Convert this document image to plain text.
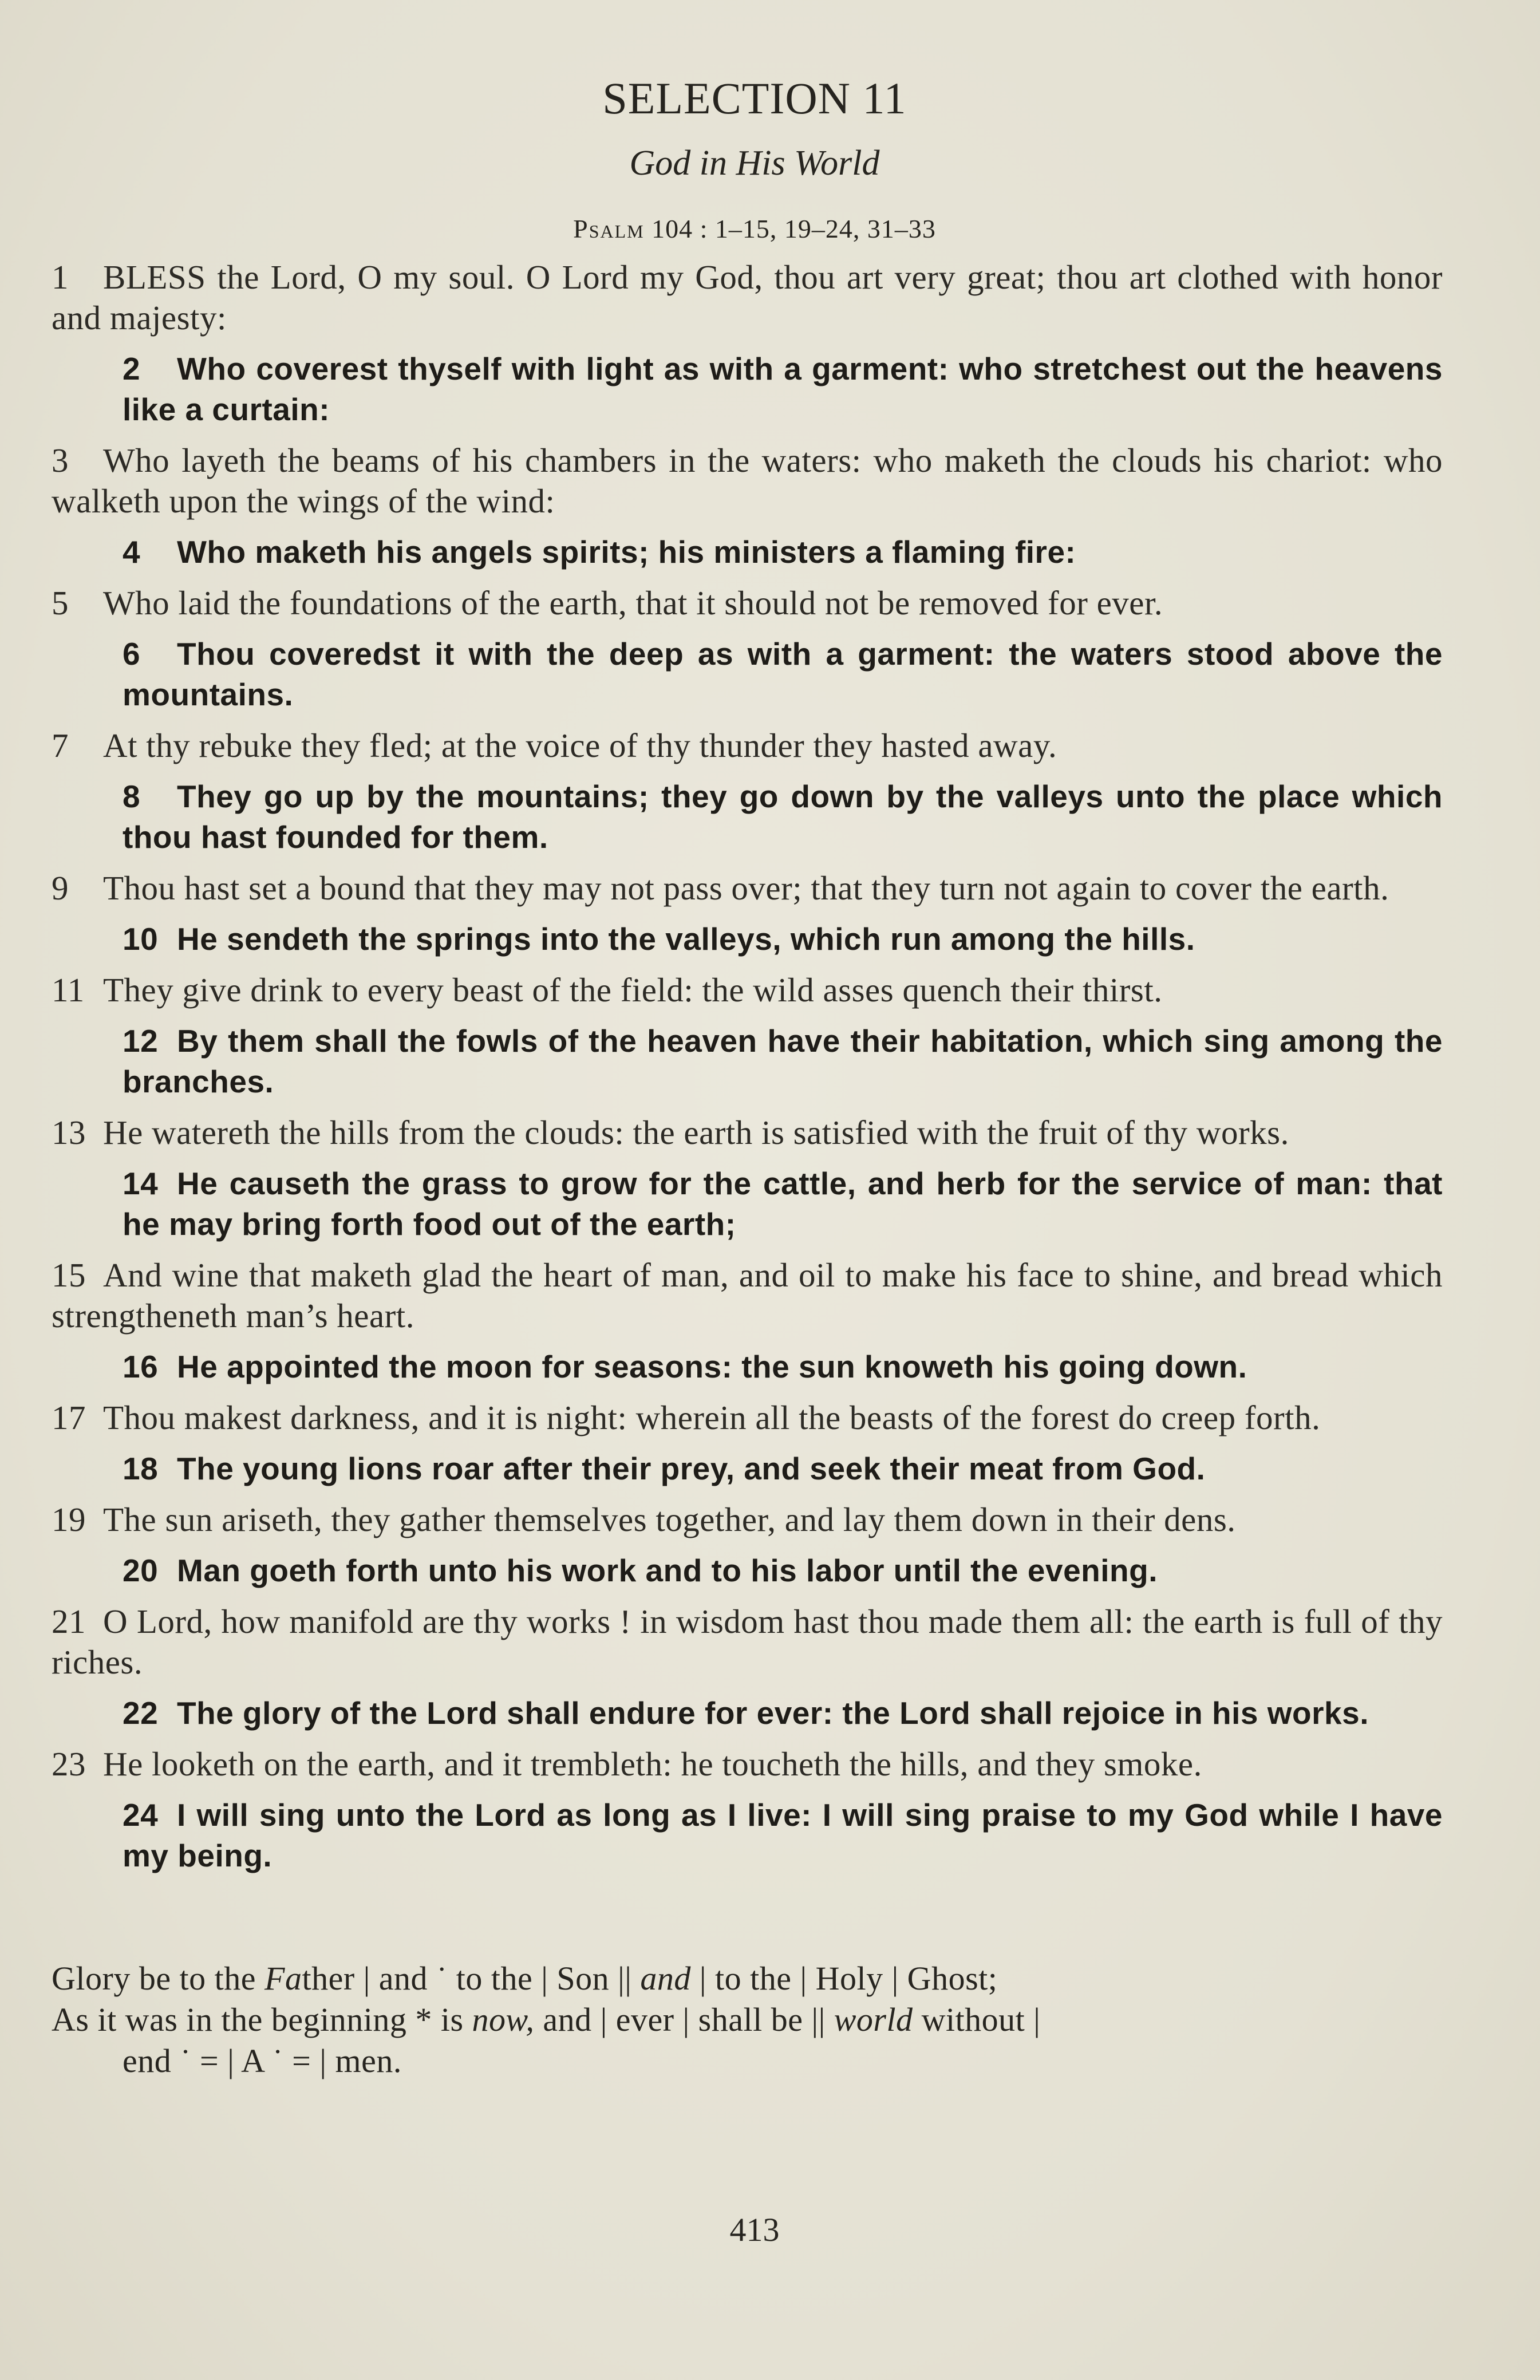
SELECTION 11
God in His World
Psalm 104 : 1–15, 19–24, 31–33

1 BLESS the Lord, O my soul. O Lord my God, thou art very great; thou art clothed with honor and majesty:

2 Who coverest thyself with light as with a garment: who stretchest out the heavens like a curtain:

3 Who layeth the beams of his chambers in the waters: who maketh the clouds his chariot: who walketh upon the wings of the wind:

4 Who maketh his angels spirits; his ministers a flaming fire:

5 Who laid the foundations of the earth, that it should not be removed for ever.

6 Thou coveredst it with the deep as with a garment: the waters stood above the mountains.

7 At thy rebuke they fled; at the voice of thy thunder they hasted away.

8 They go up by the mountains; they go down by the valleys unto the place which thou hast founded for them.

9 Thou hast set a bound that they may not pass over; that they turn not again to cover the earth.

10 He sendeth the springs into the valleys, which run among the hills.

11 They give drink to every beast of the field: the wild asses quench their thirst.

12 By them shall the fowls of the heaven have their habitation, which sing among the branches.

13 He watereth the hills from the clouds: the earth is satisfied with the fruit of thy works.

14 He causeth the grass to grow for the cattle, and herb for the service of man: that he may bring forth food out of the earth;

15 And wine that maketh glad the heart of man, and oil to make his face to shine, and bread which strengtheneth man’s heart.

16 He appointed the moon for seasons: the sun knoweth his going down.

17 Thou makest darkness, and it is night: wherein all the beasts of the forest do creep forth.

18 The young lions roar after their prey, and seek their meat from God.

19 The sun ariseth, they gather themselves together, and lay them down in their dens.

20 Man goeth forth unto his work and to his labor until the evening.

21 O Lord, how manifold are thy works ! in wisdom hast thou made them all: the earth is full of thy riches.

22 The glory of the Lord shall endure for ever: the Lord shall rejoice in his works.

23 He looketh on the earth, and it trembleth: he toucheth the hills, and they smoke.

24 I will sing unto the Lord as long as I live: I will sing praise to my God while I have my being.

Glory be to the Father | and ˙ to the | Son || and | to the | Holy | Ghost;

As it was in the beginning * is now, and | ever | shall be || world without |

end ˙ = | A ˙ = | men.

413
